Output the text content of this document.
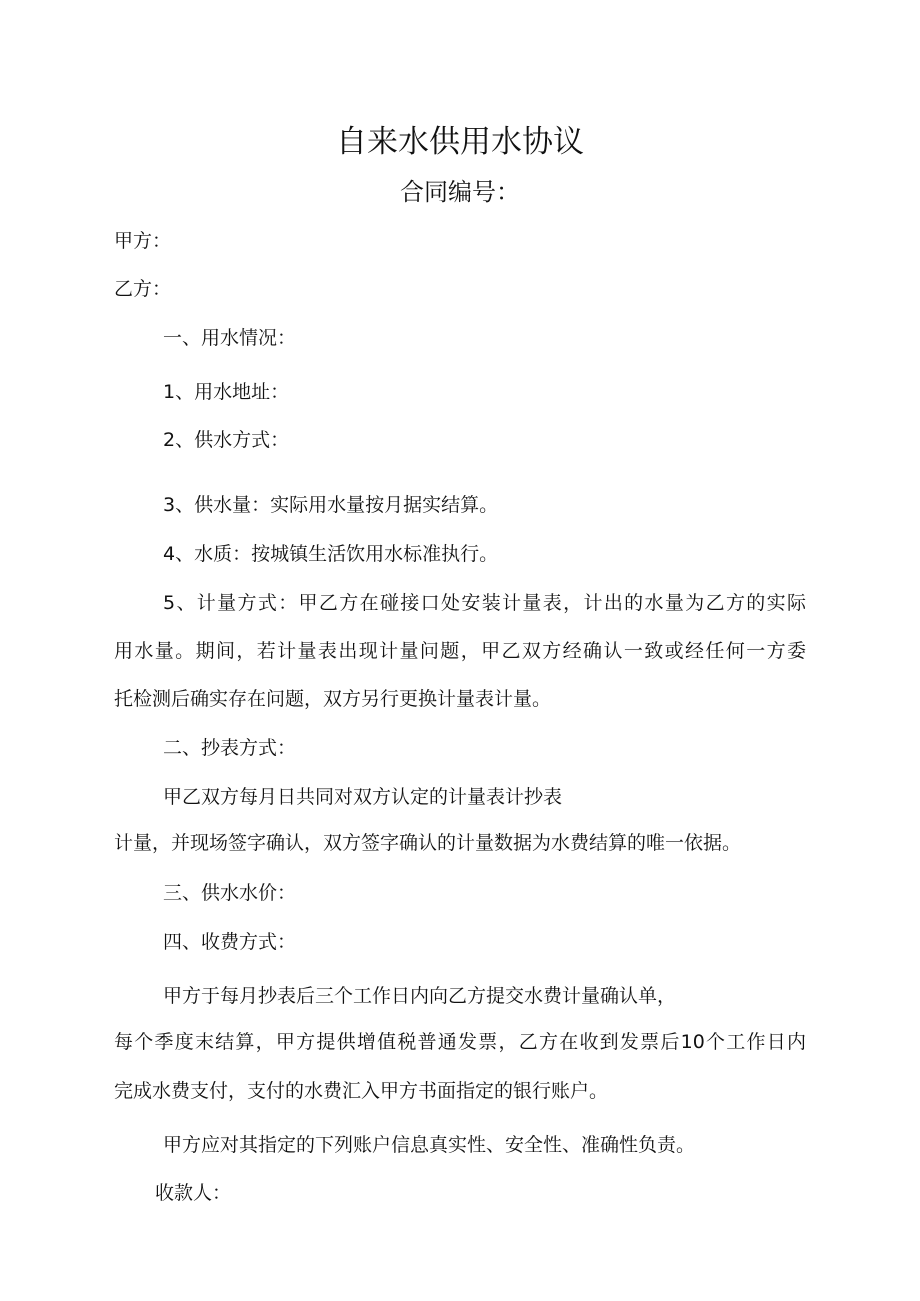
自来水供用水协议
合同编号：
甲方：
乙方：
一、用水情况：
1、用水地址：
2、供水方式：
3、供水量：实际用水量按月据实结算。
4、水质：按城镇生活饮用水标准执行。
5、计量方式：甲乙方在碰接口处安装计量表，计出的水量为乙方的实际
用水量。期间，若计量表出现计量问题，甲乙双方经确认一致或经任何一方委
托检测后确实存在问题，双方另行更换计量表计量。
二、抄表方式：
甲乙双方每月日共同对双方认定的计量表计抄表
计量，并现场签字确认，双方签字确认的计量数据为水费结算的唯一依据。
三、供水水价：
四、收费方式：
甲方于每月抄表后三个工作日内向乙方提交水费计量确认单，
每个季度末结算，甲方提供增值税普通发票，乙方在收到发票后10个工作日内
完成水费支付，支付的水费汇入甲方书面指定的银行账户。
甲方应对其指定的下列账户信息真实性、安全性、准确性负责。
收款人：
